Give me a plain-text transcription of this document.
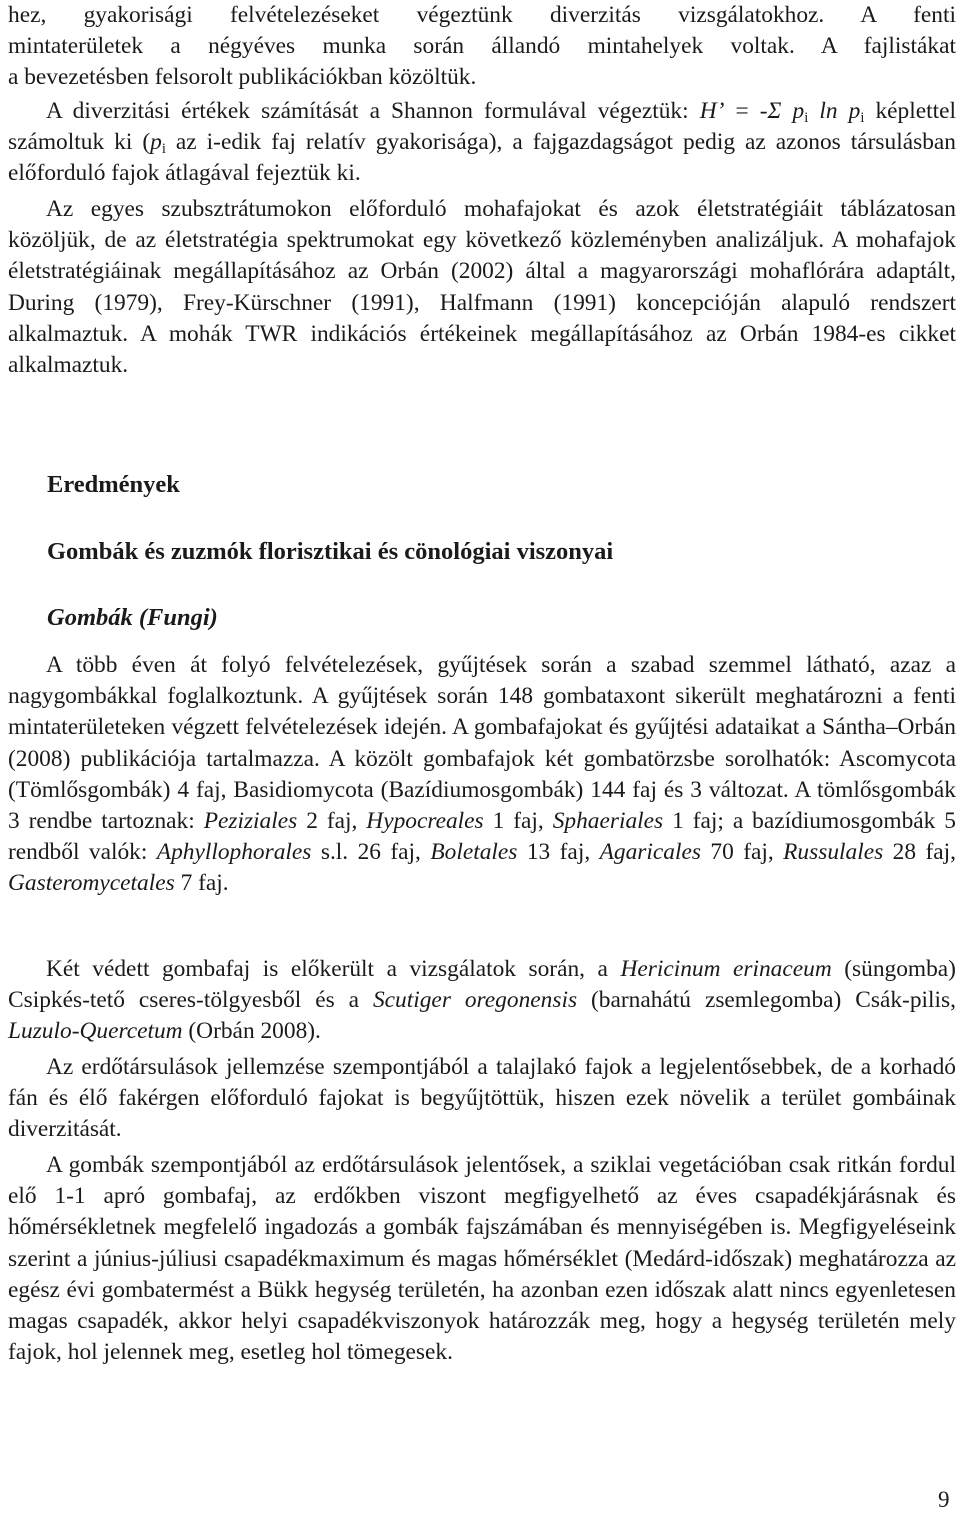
hez, gyakorisági felvételezéseket végeztünk diverzitás vizsgálatokhoz. A fenti

mintaterületek a négyéves munka során állandó mintahelyek voltak. A fajlistákat

a bevezetésben felsorolt publikációkban közöltük.

A diverzitási értékek számítását a Shannon formulával végeztük: H’ = -Σ $p_i$ $\ln p_i$ képlettel számoltuk ki ($p_i$ az i-edik faj relatív gyakorisága), a fajgazdagságot pedig az azonos társulásban előforduló fajok átlagával fejeztük ki.

Az egyes szubsztrátumokon előforduló mohafajokat és azok életstratégiáit táblázatosan közöljük, de az életstratégia spektrumokat egy következő közleményben analizáljuk. A mohafajok életstratégiáinak megállapításához az Orbán (2002) által a magyarországi mohaflórára adaptált, During (1979), Frey-Kürschner (1991), Halfmann (1991) koncepcióján alapuló rendszert alkalmaztuk. A mohák TWR indikációs értékeinek megállapításához az Orbán 1984-es cikket alkalmaztuk.

Eredmények

Gombák és zuzmók florisztikai és cönológiai viszonyai

Gombák (Fungi)

A több éven át folyó felvételezések, gyűjtések során a szabad szemmel látható, azaz a nagygombákkal foglalkoztunk. A gyűjtések során 148 gombataxont sikerült meghatározni a fenti mintaterületeken végzett felvételezések idején. A gombafajokat és gyűjtési adataikat a Sántha–Orbán (2008) publikációja tartalmazza. A közölt gombafajok két gombatörzsbe sorolhatók: Ascomycota (Tömlősgombák) 4 faj, Basidiomycota (Bazídiumosgombák) 144 faj és 3 változat. A tömlősgombák 3 rendbe tartoznak: Peziziales 2 faj, Hypocreales 1 faj, Sphaeriales 1 faj; a bazídiumosgombák 5 rendből valók: Aphyllophorales s.l. 26 faj, Boletales 13 faj, Agaricales 70 faj, Russulales 28 faj, Gasteromycetales 7 faj.

Két védett gombafaj is előkerült a vizsgálatok során, a Hericinum erinaceum (süngomba) Csipkés-tető cseres-tölgyesből és a Scutiger oregonensis (barnahátú zsemlegomba) Csák-pilis, Luzulo-Quercetum (Orbán 2008).

Az erdőtársulások jellemzése szempontjából a talajlakó fajok a legjelentősebbek, de a korhadó fán és élő fakérgen előforduló fajokat is begyűjtöttük, hiszen ezek növelik a terület gombáinak diverzitását.

A gombák szempontjából az erdőtársulások jelentősek, a sziklai vegetációban csak ritkán fordul elő 1-1 apró gombafaj, az erdőkben viszont megfigyelhető az éves csapadékjárásnak és hőmérsékletnek megfelelő ingadozás a gombák fajszámában és mennyiségében is. Megfigyeléseink szerint a június-júliusi csapadékmaximum és magas hőmérséklet (Medárd-időszak) meghatározza az egész évi gombatermést a Bükk hegység területén, ha azonban ezen időszak alatt nincs egyenletesen magas csapadék, akkor helyi csapadékviszonyok határozzák meg, hogy a hegység területén mely fajok, hol jelennek meg, esetleg hol tömegesek.

9
